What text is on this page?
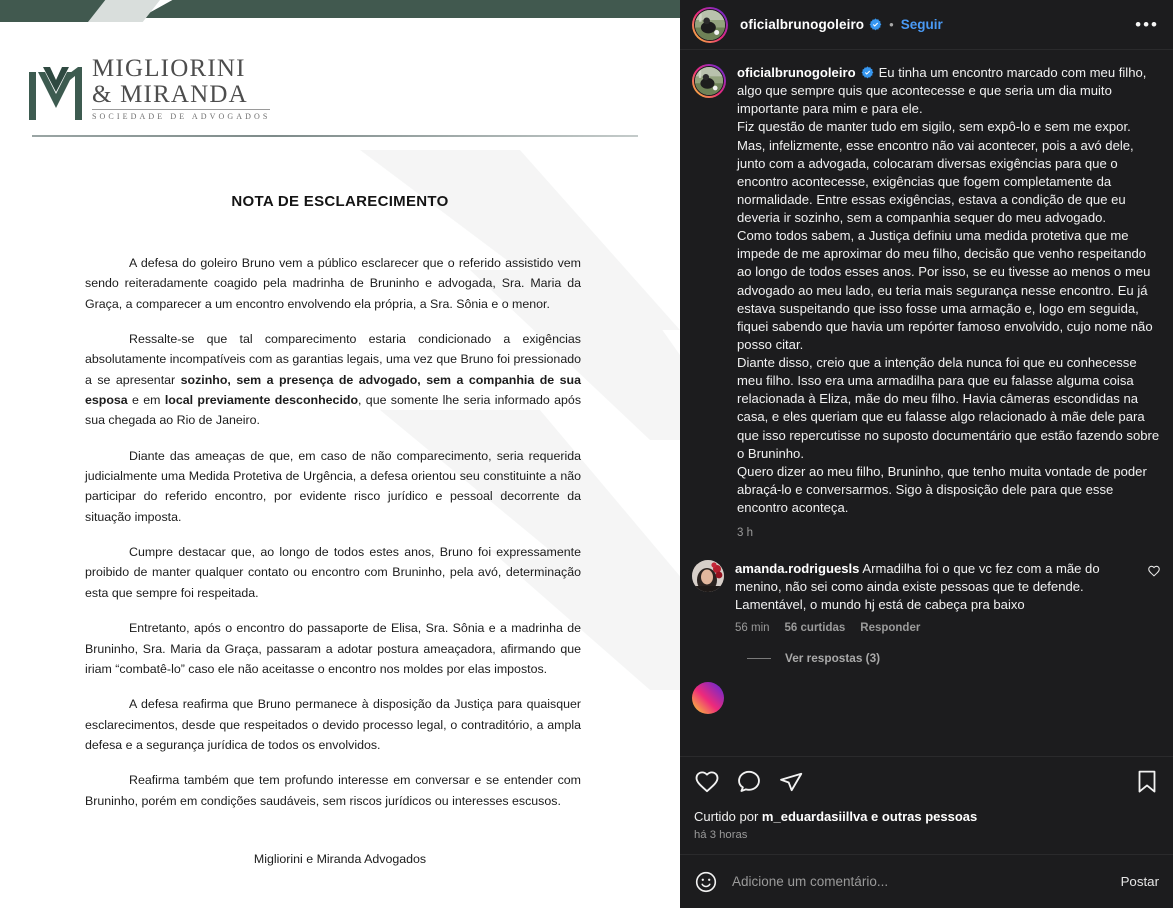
MIGLIORINI
& MIRANDA
SOCIEDADE DE ADVOGADOS
NOTA DE ESCLARECIMENTO

A defesa do goleiro Bruno vem a público esclarecer que o referido assistido vem sendo reiteradamente coagido pela madrinha de Bruninho e advogada, Sra. Maria da Graça, a comparecer a um encontro envolvendo ela própria, a Sra. Sônia e o menor.

Ressalte-se que tal comparecimento estaria condicionado a exigências absolutamente incompatíveis com as garantias legais, uma vez que Bruno foi pressionado a se apresentar sozinho, sem a presença de advogado, sem a companhia de sua esposa e em local previamente desconhecido, que somente lhe seria informado após sua chegada ao Rio de Janeiro.

Diante das ameaças de que, em caso de não comparecimento, seria requerida judicialmente uma Medida Protetiva de Urgência, a defesa orientou seu constituinte a não participar do referido encontro, por evidente risco jurídico e pessoal decorrente da situação imposta.

Cumpre destacar que, ao longo de todos estes anos, Bruno foi expressamente proibido de manter qualquer contato ou encontro com Bruninho, pela avó, determinação esta que sempre foi respeitada.

Entretanto, após o encontro do passaporte de Elisa, Sra. Sônia e a madrinha de Bruninho, Sra. Maria da Graça, passaram a adotar postura ameaçadora, afirmando que iriam “combatê-lo” caso ele não aceitasse o encontro nos moldes por elas impostos.

A defesa reafirma que Bruno permanece à disposição da Justiça para quaisquer esclarecimentos, desde que respeitados o devido processo legal, o contraditório, a ampla defesa e a segurança jurídica de todos os envolvidos.

Reafirma também que tem profundo interesse em conversar e se entender com Bruninho, porém em condições saudáveis, sem riscos jurídicos ou interesses escusos.

Migliorini e Miranda Advogados
oficialbrunogoleiro • Seguir	•••
oficialbrunogoleiro Eu tinha um encontro marcado com meu filho, algo que sempre quis que acontecesse e que seria um dia muito importante para mim e para ele.
Fiz questão de manter tudo em sigilo, sem expô-lo e sem me expor. Mas, infelizmente, esse encontro não vai acontecer, pois a avó dele, junto com a advogada, colocaram diversas exigências para que o encontro acontecesse, exigências que fogem completamente da normalidade. Entre essas exigências, estava a condição de que eu deveria ir sozinho, sem a companhia sequer do meu advogado.
Como todos sabem, a Justiça definiu uma medida protetiva que me impede de me aproximar do meu filho, decisão que venho respeitando ao longo de todos esses anos. Por isso, se eu tivesse ao menos o meu advogado ao meu lado, eu teria mais segurança nesse encontro. Eu já estava suspeitando que isso fosse uma armação e, logo em seguida, fiquei sabendo que havia um repórter famoso envolvido, cujo nome não posso citar.
Diante disso, creio que a intenção dela nunca foi que eu conhecesse meu filho. Isso era uma armadilha para que eu falasse alguma coisa relacionada à Eliza, mãe do meu filho. Havia câmeras escondidas na casa, e eles queriam que eu falasse algo relacionado à mãe dele para que isso repercutisse no suposto documentário que estão fazendo sobre o Bruninho.
Quero dizer ao meu filho, Bruninho, que tenho muita vontade de poder abraçá-lo e conversarmos. Sigo à disposição dele para que esse encontro aconteça.
3 h
amanda.rodriguesls Armadilha foi o que vc fez com a mãe do menino, não sei como ainda existe pessoas que te defende. Lamentável, o mundo hj está de cabeça pra baixo
56 min 56 curtidas Responder
Ver respostas (3)
Curtido por m_eduardasiillva e outras pessoas
há 3 horas
Adicione um comentário...
Postar
